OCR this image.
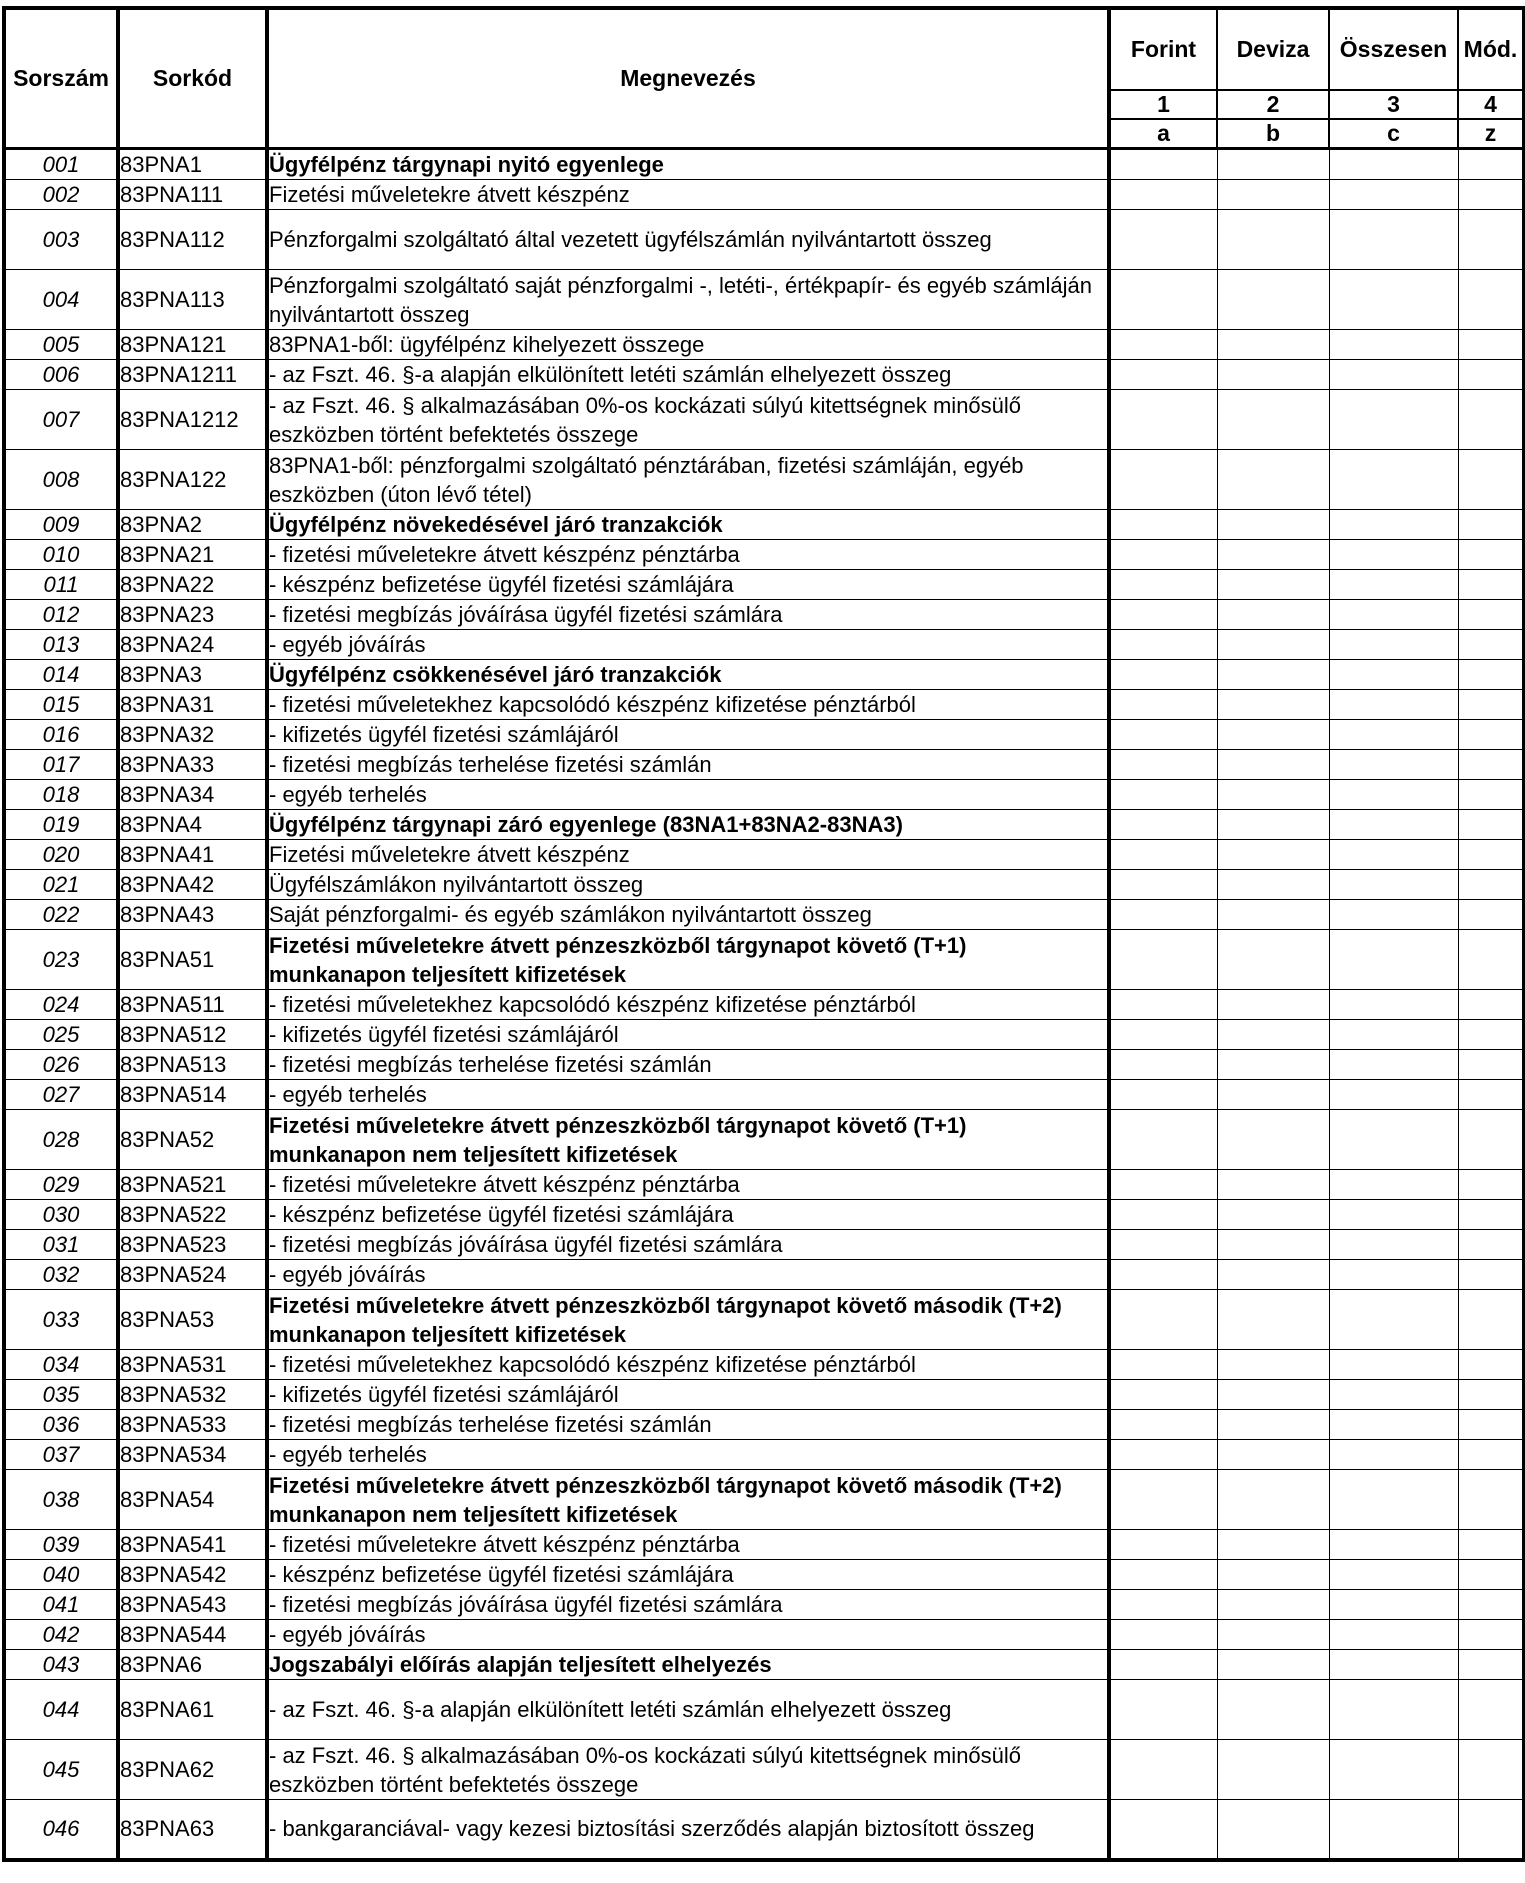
Sorszám	Sorkód	Megnevezés	Forint	Deviza	Összesen	Mód.
			1	2	3	4
			a	b	c	z
001	83PNA1	Ügyfélpénz tárgynapi nyitó egyenlege				
002	83PNA111	Fizetési műveletekre átvett készpénz				
003	83PNA112	Pénzforgalmi szolgáltató által vezetett ügyfélszámlán nyilvántartott összeg				
004	83PNA113	Pénzforgalmi szolgáltató saját pénzforgalmi -, letéti-, értékpapír- és egyéb számláján nyilvántartott összeg				
005	83PNA121	83PNA1-ből: ügyfélpénz kihelyezett összege				
006	83PNA1211	- az Fszt. 46. §-a alapján elkülönített letéti számlán elhelyezett összeg				
007	83PNA1212	- az Fszt. 46. § alkalmazásában 0%-os kockázati súlyú kitettségnek minősülő eszközben történt befektetés összege				
008	83PNA122	83PNA1-ből: pénzforgalmi szolgáltató pénztárában, fizetési számláján, egyéb eszközben (úton lévő tétel)				
009	83PNA2	Ügyfélpénz növekedésével járó tranzakciók				
010	83PNA21	- fizetési műveletekre átvett készpénz pénztárba				
011	83PNA22	- készpénz befizetése ügyfél fizetési számlájára				
012	83PNA23	- fizetési megbízás jóváírása ügyfél fizetési számlára				
013	83PNA24	- egyéb jóváírás				
014	83PNA3	Ügyfélpénz csökkenésével járó tranzakciók				
015	83PNA31	- fizetési műveletekhez kapcsolódó készpénz kifizetése pénztárból				
016	83PNA32	- kifizetés ügyfél fizetési számlájáról				
017	83PNA33	- fizetési megbízás terhelése fizetési számlán				
018	83PNA34	- egyéb terhelés				
019	83PNA4	Ügyfélpénz tárgynapi záró egyenlege (83NA1+83NA2-83NA3)				
020	83PNA41	Fizetési műveletekre átvett készpénz				
021	83PNA42	Ügyfélszámlákon nyilvántartott összeg				
022	83PNA43	Saját pénzforgalmi- és egyéb számlákon nyilvántartott összeg				
023	83PNA51	Fizetési műveletekre átvett pénzeszközből tárgynapot követő (T+1) munkanapon teljesített kifizetések				
024	83PNA511	- fizetési műveletekhez kapcsolódó készpénz kifizetése pénztárból				
025	83PNA512	- kifizetés ügyfél fizetési számlájáról				
026	83PNA513	- fizetési megbízás terhelése fizetési számlán				
027	83PNA514	- egyéb terhelés				
028	83PNA52	Fizetési műveletekre átvett pénzeszközből tárgynapot követő (T+1) munkanapon nem teljesített kifizetések				
029	83PNA521	- fizetési műveletekre átvett készpénz pénztárba				
030	83PNA522	- készpénz befizetése ügyfél fizetési számlájára				
031	83PNA523	- fizetési megbízás jóváírása ügyfél fizetési számlára				
032	83PNA524	- egyéb jóváírás				
033	83PNA53	Fizetési műveletekre átvett pénzeszközből tárgynapot követő második (T+2) munkanapon teljesített kifizetések				
034	83PNA531	- fizetési műveletekhez kapcsolódó készpénz kifizetése pénztárból				
035	83PNA532	- kifizetés ügyfél fizetési számlájáról				
036	83PNA533	- fizetési megbízás terhelése fizetési számlán				
037	83PNA534	- egyéb terhelés				
038	83PNA54	Fizetési műveletekre átvett pénzeszközből tárgynapot követő második (T+2) munkanapon nem teljesített kifizetések				
039	83PNA541	- fizetési műveletekre átvett készpénz pénztárba				
040	83PNA542	- készpénz befizetése ügyfél fizetési számlájára				
041	83PNA543	- fizetési megbízás jóváírása ügyfél fizetési számlára				
042	83PNA544	- egyéb jóváírás				
043	83PNA6	Jogszabályi előírás alapján teljesített elhelyezés				
044	83PNA61	- az Fszt. 46. §-a alapján elkülönített letéti számlán elhelyezett összeg				
045	83PNA62	- az Fszt. 46. § alkalmazásában 0%-os kockázati súlyú kitettségnek minősülő eszközben történt befektetés összege				
046	83PNA63	- bankgaranciával- vagy kezesi biztosítási szerződés alapján biztosított összeg				
